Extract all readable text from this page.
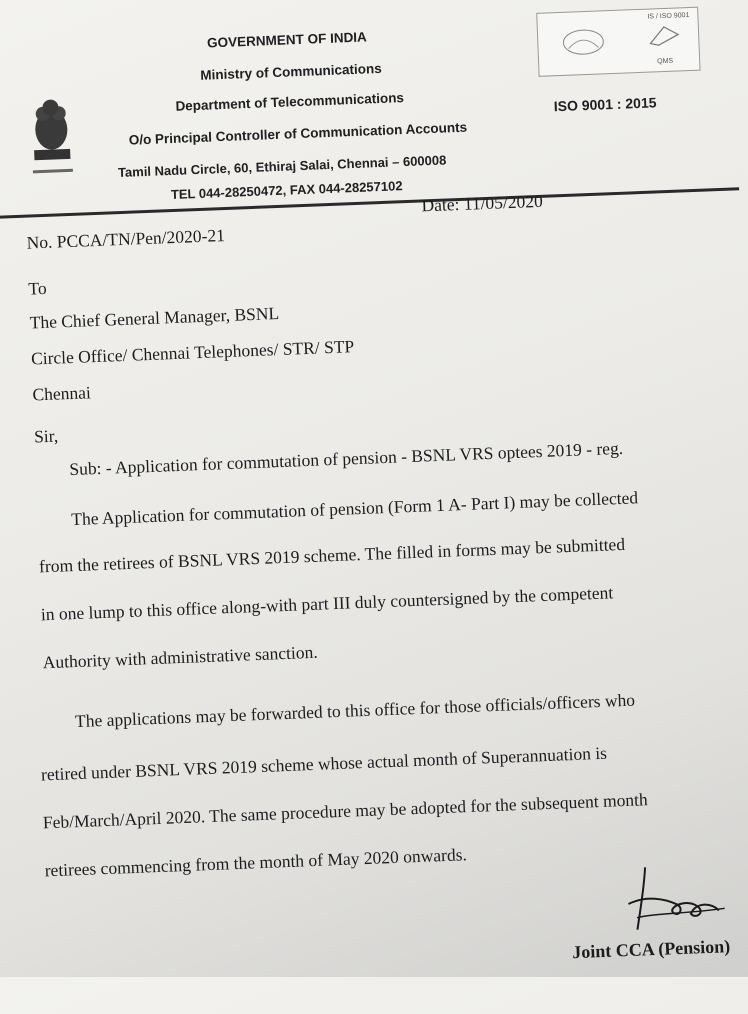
GOVERNMENT OF INDIA
Ministry of Communications
Department of Telecommunications
O/o Principal Controller of Communication Accounts
Tamil Nadu Circle, 60, Ethiraj Salai, Chennai – 600008
TEL 044-28250472, FAX 044-28257102
IS / ISO 9001
QMS
ISO 9001 : 2015
No. PCCA/TN/Pen/2020-21
Date: 11/05/2020
To
The Chief General Manager, BSNL
Circle Office/ Chennai Telephones/ STR/ STP
Chennai
Sir,
Sub: - Application for commutation of pension - BSNL VRS optees 2019 - reg.
The Application for commutation of pension (Form 1 A- Part I) may be collected
from the retirees of BSNL VRS 2019 scheme. The filled in forms may be submitted
in one lump to this office along-with part III duly countersigned by the competent
Authority with administrative sanction.
The applications may be forwarded to this office for those officials/officers who
retired under BSNL VRS 2019 scheme whose actual month of Superannuation is
Feb/March/April 2020. The same procedure may be adopted for the subsequent month
retirees commencing from the month of May 2020 onwards.
Joint CCA (Pension)
